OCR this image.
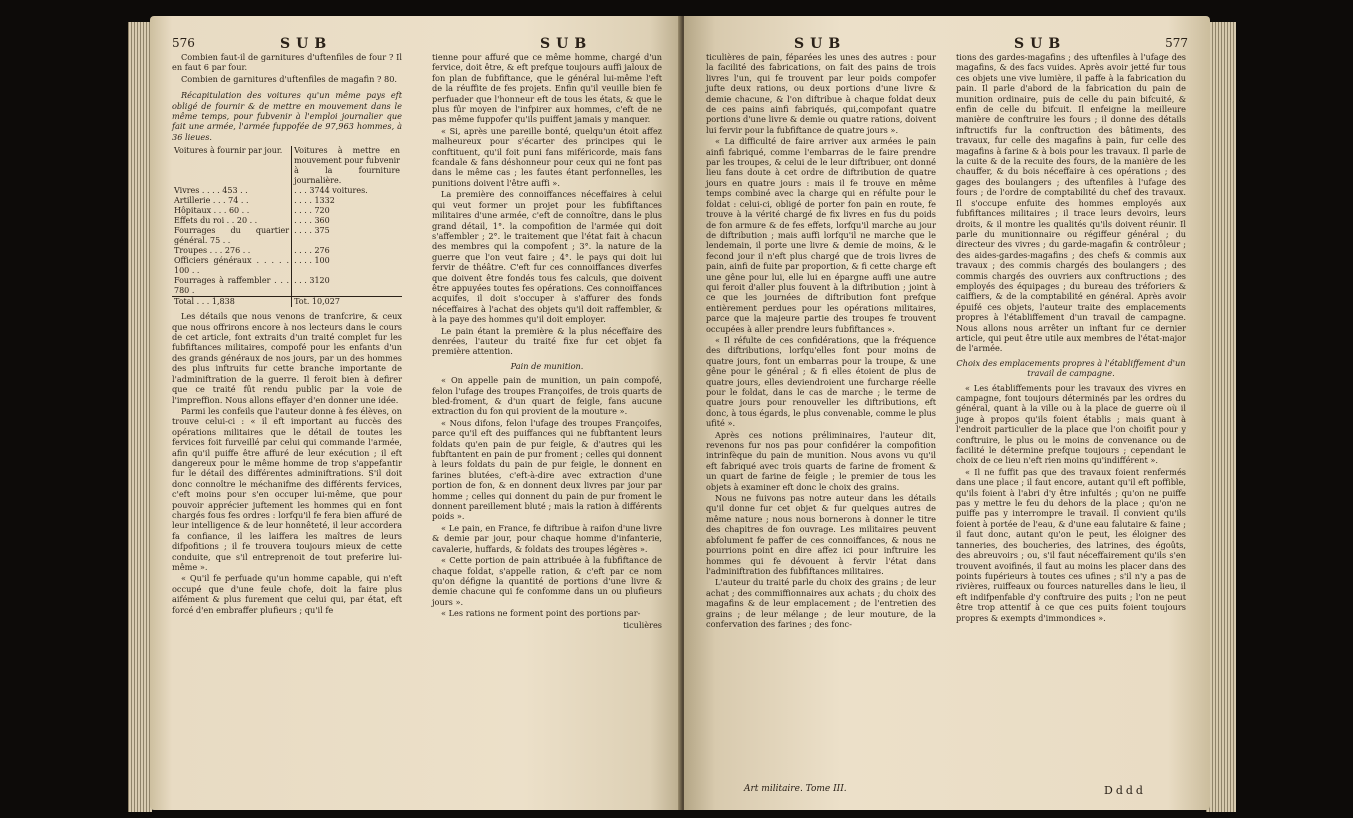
576	SUB	SUB

Combien faut-il de garnitures d'uftenfiles de four ? Il en faut 6 par four.

Combien de garnitures d'uftenfiles de magafin ? 80.

Récapitulation des voitures qu'un même pays eft obligé de fournir & de mettre en mouvement dans le même temps, pour fubvenir à l'emploi journalier que fait une armée, l'armée fuppofée de 97,963 hommes, à 36 lieues.

Voitures à fournir par jour.	Voitures à mettre en mouvement pour fubvenir à la fourniture journalière.
Vivres . . . . 453 . .	. . . 3744 voitures.
Artillerie . . . 74 . .	. . . . 1332
Hôpitaux . . . 60 . .	. . . . 720
Effets du roi . . 20 . .	. . . . 360
Fourrages du quartier général. 75 . .	. . . . 375
Troupes . . . 276 . .	. . . . 276
Officiers généraux . . . . . 100 . .	. . . . 100
Fourrages à raffembler . . . 780 .	. . . 3120
Total . . . 1,838	Tot. 10,027

Les détails que nous venons de tranfcrire, & ceux que nous offrirons encore à nos lecteurs dans le cours de cet article, font extraits d'un traité complet fur les fubfiftances militaires, compofé pour les enfants d'un des grands généraux de nos jours, par un des hommes des plus inftruits fur cette branche importante de l'adminiftration de la guerre. Il feroit bien à defirer que ce traité fût rendu public par la voie de l'impreffion. Nous allons effayer d'en donner une idée.

Parmi les confeils que l'auteur donne à fes élèves, on trouve celui-ci : « il eft important au fuccès des opérations militaires que le détail de toutes les fervices foit furveillé par celui qui commande l'armée, afin qu'il puiffe être affuré de leur exécution ; il eft dangereux pour le même homme de trop s'appefantir fur le détail des différentes adminiftrations. S'il doit donc connoître le méchanifme des différents fervices, c'eft moins pour s'en occuper lui-même, que pour pouvoir apprécier juftement les hommes qui en font chargés fous fes ordres : lorfqu'il fe fera bien affuré de leur intelligence & de leur honnêteté, il leur accordera fa confiance, il les laiffera les maîtres de leurs difpofitions ; il fe trouvera toujours mieux de cette conduite, que s'il entreprenoit de tout preferire lui-même ».

« Qu'il fe perfuade qu'un homme capable, qui n'eft occupé que d'une feule chofe, doit la faire plus aifément & plus furement que celui qui, par état, eft forcé d'en embraffer plufieurs ; qu'il fe

tienne pour affuré que ce même homme, chargé d'un fervice, doit être, & eft prefque toujours auffi jaloux de fon plan de fubfiftance, que le général lui-même l'eft de la réuffite de fes projets. Enfin qu'il veuille bien fe perfuader que l'honneur eft de tous les états, & que le plus fûr moyen de l'infpirer aux hommes, c'eft de ne pas même fuppofer qu'ils puiffent jamais y manquer.

« Si, après une pareille bonté, quelqu'un étoit affez malheureux pour s'écarter des principes qui le conftituent, qu'il foit puni fans miféricorde, mais fans fcandale & fans déshonneur pour ceux qui ne font pas dans le même cas ; les fautes étant perfonnelles, les punitions doivent l'être auffi ».

La première des connoiffances néceffaires à celui qui veut former un projet pour les fubfiftances militaires d'une armée, c'eft de connoître, dans le plus grand détail, 1°. la compofition de l'armée qui doit s'affembler ; 2°. le traitement que l'état fait à chacun des membres qui la compofent ; 3°. la nature de la guerre que l'on veut faire ; 4°. le pays qui doit lui fervir de théâtre. C'eft fur ces connoiffances diverfes que doivent être fondés tous fes calculs, que doivent être appuyées toutes fes opérations. Ces connoiffances acquifes, il doit s'occuper à s'affurer des fonds néceffaires à l'achat des objets qu'il doit raffembler, & à la paye des hommes qu'il doit employer.

Le pain étant la première & la plus néceffaire des denrées, l'auteur du traité fixe fur cet objet fa première attention.

Pain de munition.

« On appelle pain de munition, un pain compofé, felon l'ufage des troupes Françoifes, de trois quarts de bled-froment, & d'un quart de feigle, fans aucune extraction du fon qui provient de la mouture ».

« Nous difons, felon l'ufage des troupes Françoifes, parce qu'il eft des puiffances qui ne fubftantent leurs foldats qu'en pain de pur feigle, & d'autres qui les fubftantent en pain de pur froment ; celles qui donnent à leurs foldats du pain de pur feigle, le donnent en farines blutées, c'eft-à-dire avec extraction d'une portion de fon, & en donnent deux livres par jour par homme ; celles qui donnent du pain de pur froment le donnent pareillement bluté ; mais la ration à différents poids ».

« Le pain, en France, fe diftribue à raifon d'une livre & demie par jour, pour chaque homme d'infanterie, cavalerie, huffards, & foldats des troupes légères ».

« Cette portion de pain attribuée à la fubfiftance de chaque foldat, s'appelle ration, & c'eft par ce nom qu'on défigne la quantité de portions d'une livre & demie chacune qui fe confomme dans un ou plufieurs jours ».

« Les rations ne forment point des portions par-

ticulières

SUB	SUB	577

ticulières de pain, féparées les unes des autres : pour la facilité des fabrications, on fait des pains de trois livres l'un, qui fe trouvent par leur poids compofer jufte deux rations, ou deux portions d'une livre & demie chacune, & l'on diftribue à chaque foldat deux de ces pains ainfi fabriqués, qui,compofant quatre portions d'une livre & demie ou quatre rations, doivent lui fervir pour la fubfiftance de quatre jours ».

« La difficulté de faire arriver aux armées le pain ainfi fabriqué, comme l'embarras de le faire prendre par les troupes, & celui de le leur diftribuer, ont donné lieu fans doute à cet ordre de diftribution de quatre jours en quatre jours : mais il fe trouve en même temps combiné avec la charge qui en réfulte pour le foldat : celui-ci, obligé de porter fon pain en route, fe trouve à la vérité chargé de fix livres en fus du poids de fon armure & de fes effets, lorfqu'il marche au jour de diftribution ; mais auffi lorfqu'il ne marche que le lendemain, il porte une livre & demie de moins, & le fecond jour il n'eft plus chargé que de trois livres de pain, ainfi de fuite par proportion, & fi cette charge eft une gêne pour lui, elle lui en épargne auffi une autre qui feroit d'aller plus fouvent à la diftribution ; joint à ce que les journées de diftribution font prefque entièrement perdues pour les opérations militaires, parce que la majeure partie des troupes fe trouvent occupées à aller prendre leurs fubfiftances ».

« Il réfulte de ces confidérations, que la fréquence des diftributions, lorfqu'elles font pour moins de quatre jours, font un embarras pour la troupe, & une gêne pour le général ; & fi elles étoient de plus de quatre jours, elles deviendroient une furcharge réelle pour le foldat, dans le cas de marche ; le terme de quatre jours pour renouveller les diftributions, eft donc, à tous égards, le plus convenable, comme le plus ufité ».

Après ces notions préliminaires, l'auteur dit, revenons fur nos pas pour confidérer la compofition intrinfèque du pain de munition. Nous avons vu qu'il eft fabriqué avec trois quarts de farine de froment & un quart de farine de feigle ; le premier de tous les objets à examiner eft donc le choix des grains.

Nous ne fuivons pas notre auteur dans les détails qu'il donne fur cet objet & fur quelques autres de même nature ; nous nous bornerons à donner le titre des chapitres de fon ouvrage. Les militaires peuvent abfolument fe paffer de ces connoiffances, & nous ne pourrions point en dire affez ici pour inftruire les hommes qui fe dévouent à fervir l'état dans l'adminiftration des fubfiftances militaires.

L'auteur du traité parle du choix des grains ; de leur achat ; des commiffionnaires aux achats ; du choix des magafins & de leur emplacement ; de l'entretien des grains ; de leur mélange ; de leur mouture, de la confervation des farines ; des fonc-

Art militaire. Tome III.

tions des gardes-magafins ; des uftenfiles à l'ufage des magafins, & des facs vuides. Après avoir jetté fur tous ces objets une vive lumière, il paffe à la fabrication du pain. Il parle d'abord de la fabrication du pain de munition ordinaire, puis de celle du pain bifcuité, & enfin de celle du bifcuit. Il enfeigne la meilleure manière de conftruire les fours ; il donne des détails inftructifs fur la conftruction des bâtiments, des travaux, fur celle des magafins à pain, fur celle des magafins à farine & à bois pour les travaux. Il parle de la cuite & de la recuite des fours, de la manière de les chauffer, & du bois néceffaire à ces opérations ; des gages des boulangers ; des uftenfiles à l'ufage des fours ; de l'ordre de comptabilité du chef des travaux. Il s'occupe enfuite des hommes employés aux fubfiftances militaires ; il trace leurs devoirs, leurs droits, & il montre les qualités qu'ils doivent réunir. Il parle du munitionnaire ou régiffeur général ; du directeur des vivres ; du garde-magafin & contrôleur ; des aides-gardes-magafins ; des chefs & commis aux travaux ; des commis chargés des boulangers ; des commis chargés des ouvriers aux conftructions ; des employés des équipages ; du bureau des tréforiers & caiffiers, & de la comptabilité en général. Après avoir épuifé ces objets, l'auteur traite des emplacements propres à l'établiffement d'un travail de campagne. Nous allons nous arrêter un inftant fur ce dernier article, qui peut être utile aux membres de l'état-major de l'armée.

Choix des emplacements propres à l'établiffement d'un travail de campagne.

« Les établiffements pour les travaux des vivres en campagne, font toujours déterminés par les ordres du général, quant à la ville ou à la place de guerre où il juge à propos qu'ils foient établis ; mais quant à l'endroit particulier de la place que l'on choifit pour y conftruire, le plus ou le moins de convenance ou de facilité le détermine prefque toujours ; cependant le choix de ce lieu n'eft rien moins qu'indifférent ».

« Il ne fuffit pas que des travaux foient renfermés dans une place ; il faut encore, autant qu'il eft poffible, qu'ils foient à l'abri d'y être infultés ; qu'on ne puiffe pas y mettre le feu du dehors de la place ; qu'on ne puiffe pas y interrompre le travail. Il convient qu'ils foient à portée de l'eau, & d'une eau falutaire & faine ; il faut donc, autant qu'on le peut, les éloigner des tanneries, des boucheries, des latrines, des égoûts, des abreuvoirs ; ou, s'il faut néceffairement qu'ils s'en trouvent avoifinés, il faut au moins les placer dans des points fupérieurs à toutes ces ufines ; s'il n'y a pas de rivières, ruiffeaux ou fources naturelles dans le lieu, il eft indifpenfable d'y conftruire des puits ; l'on ne peut être trop attentif à ce que ces puits foient toujours propres & exempts d'immondices ».

Dddd
